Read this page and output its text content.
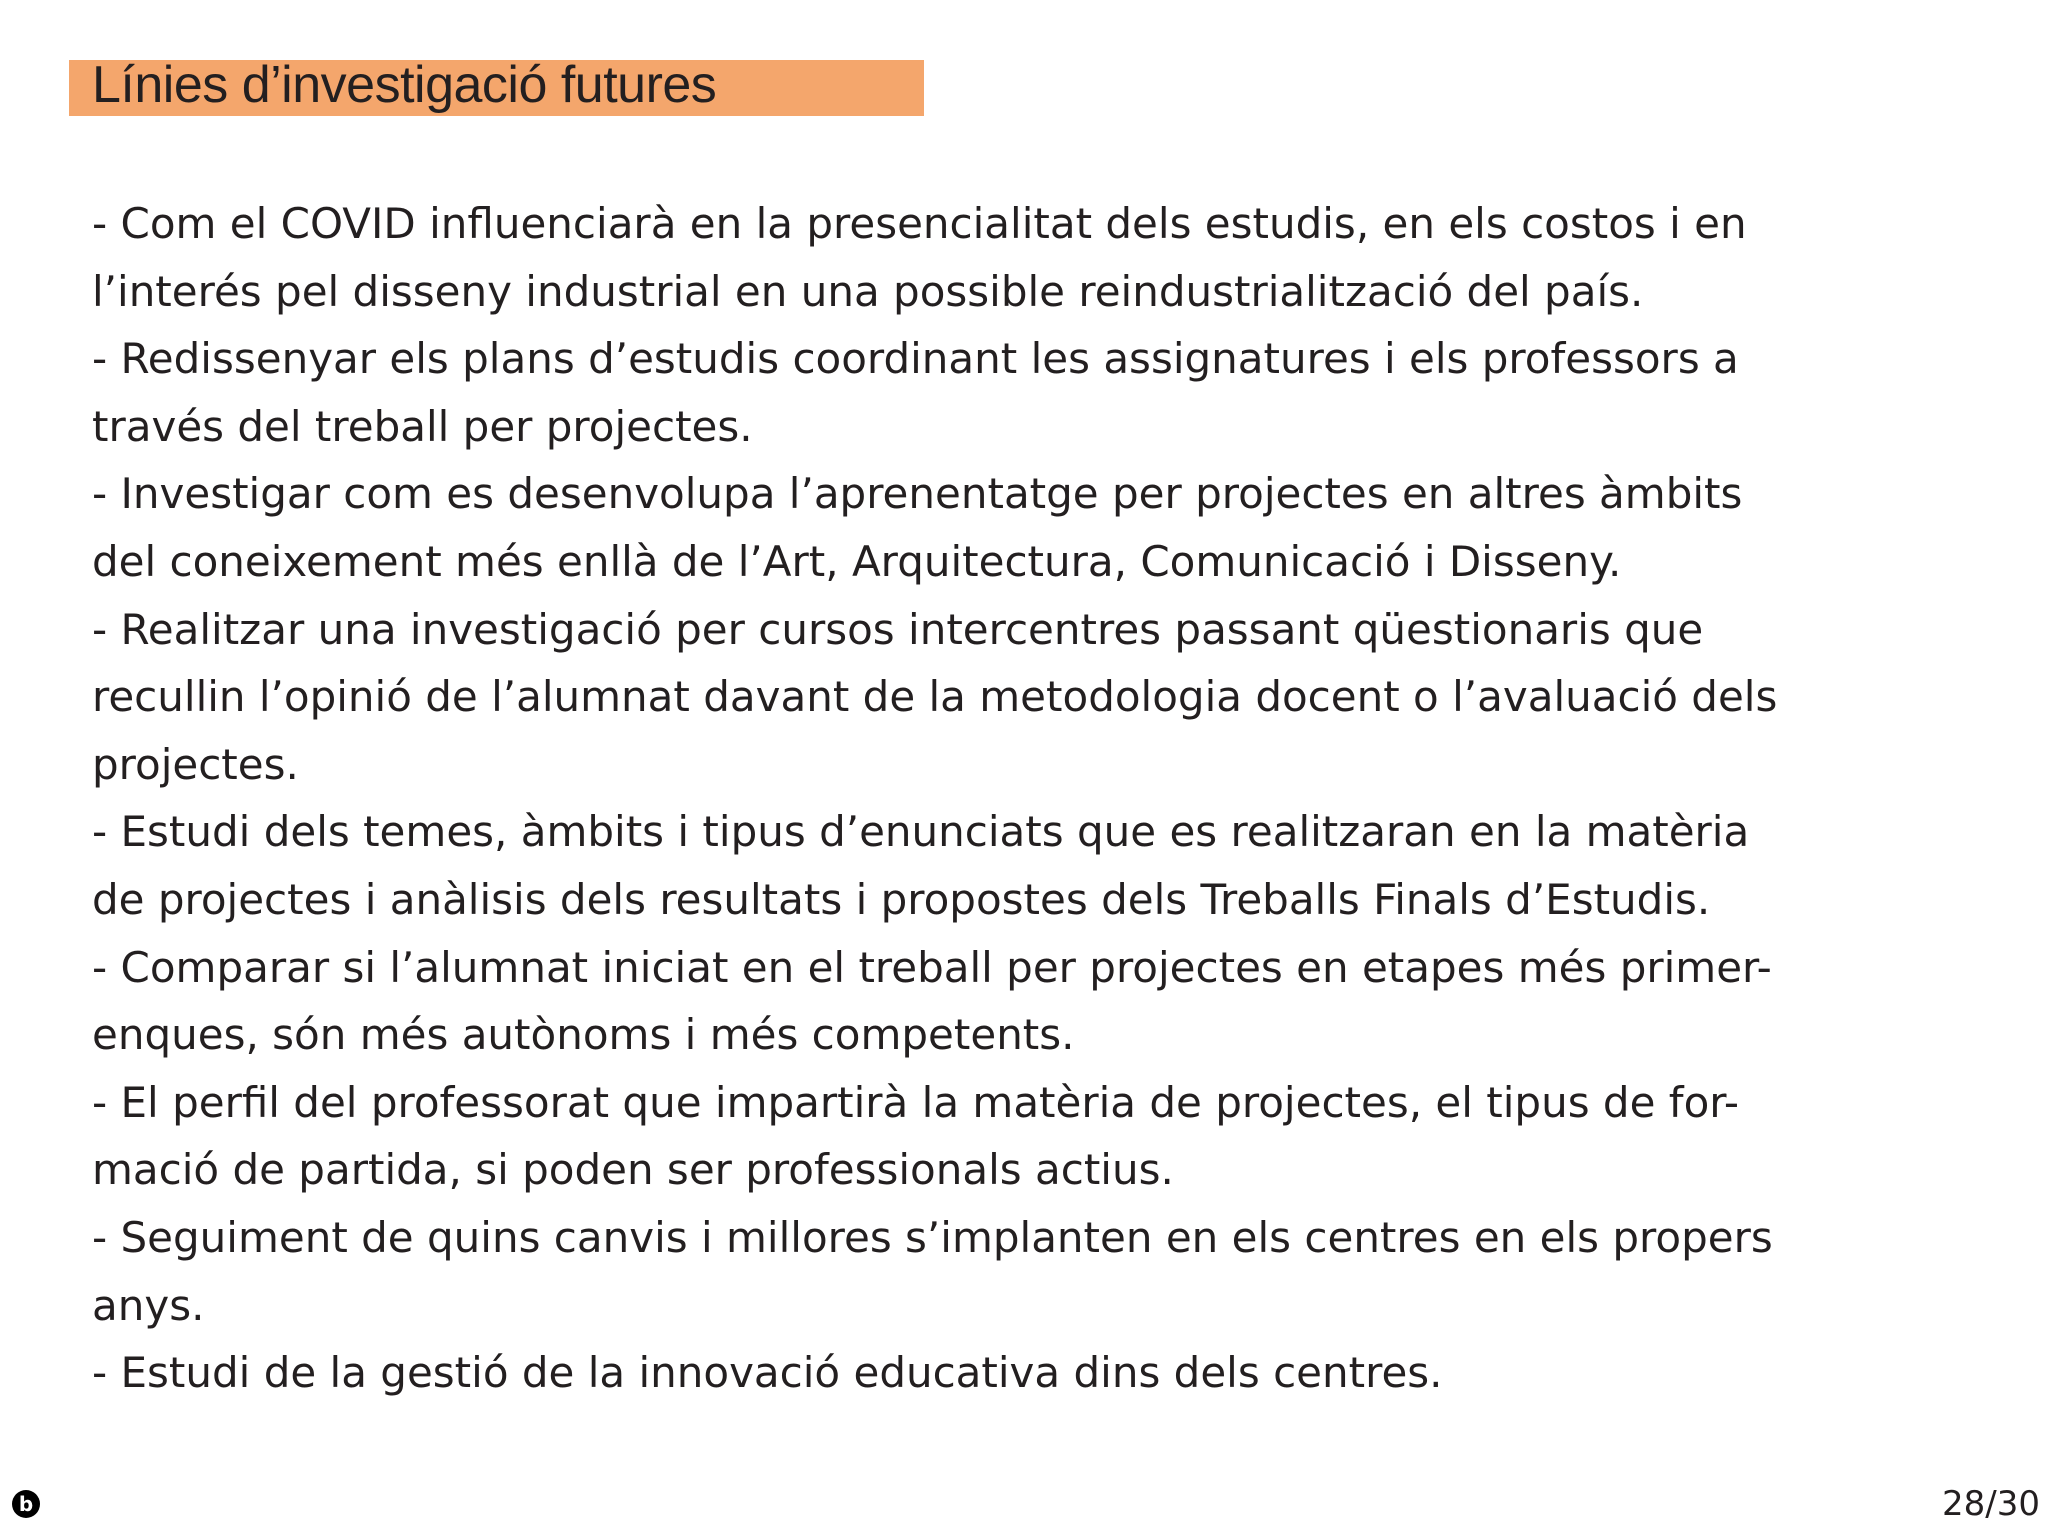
Línies d’investigació futures
- Com el COVID influenciarà en la presencialitat dels estudis, en els costos i en
l’interés pel disseny industrial en una possible reindustrialització del país.
- Redissenyar els plans d’estudis coordinant les assignatures i els professors a
través del treball per projectes.
- Investigar com es desenvolupa l’aprenentatge per projectes en altres àmbits
del coneixement més enllà de l’Art, Arquitectura, Comunicació i Disseny.
- Realitzar una investigació per cursos intercentres passant qüestionaris que
recullin l’opinió de l’alumnat davant de la metodologia docent o l’avaluació dels
projectes.
- Estudi dels temes, àmbits i tipus d’enunciats que es realitzaran en la matèria
de projectes i anàlisis dels resultats i propostes dels Treballs Finals d’Estudis.
- Comparar si l’alumnat iniciat en el treball per projectes en etapes més primer-
enques, són més autònoms i més competents.
- El perfil del professorat que impartirà la matèria de projectes, el tipus de for-
mació de partida, si poden ser professionals actius.
- Seguiment de quins canvis i millores s’implanten en els centres en els propers
anys.
- Estudi de la gestió de la innovació educativa dins dels centres.
b	28/30
